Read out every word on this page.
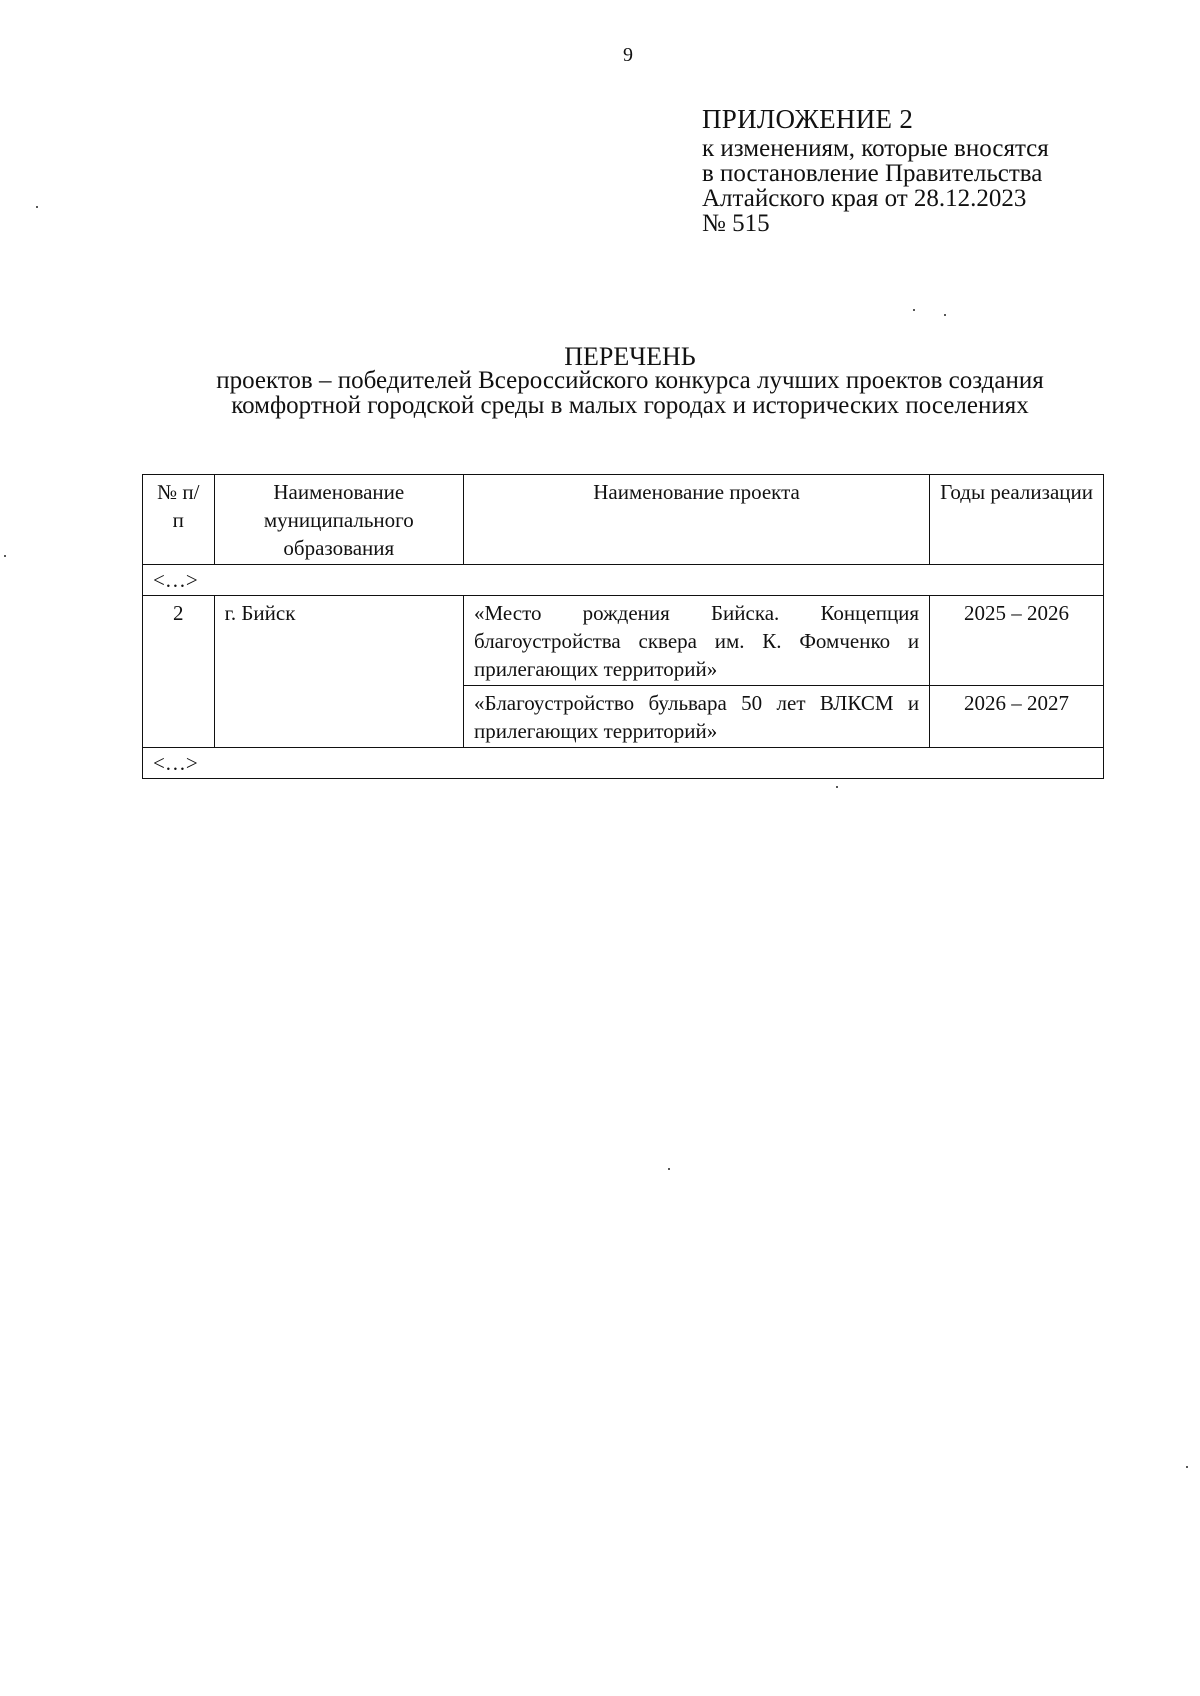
9
ПРИЛОЖЕНИЕ 2
к изменениям, которые вносятся
в постановление Правительства
Алтайского края от 28.12.2023
№ 515
ПЕРЕЧЕНЬ
проектов – победителей Всероссийского конкурса лучших проектов создания
комфортной городской среды в малых городах и исторических поселениях
№ п/п	Наименование муниципального образования	Наименование проекта	Годы реализации
<…>			
2	г. Бийск	«Место рождения Бийска. Концепция благоустройства сквера им. К. Фомченко и прилегающих территорий»	2025 – 2026
		«Благоустройство бульвара 50 лет ВЛКСМ и прилегающих территорий»	2026 – 2027
<…>			
